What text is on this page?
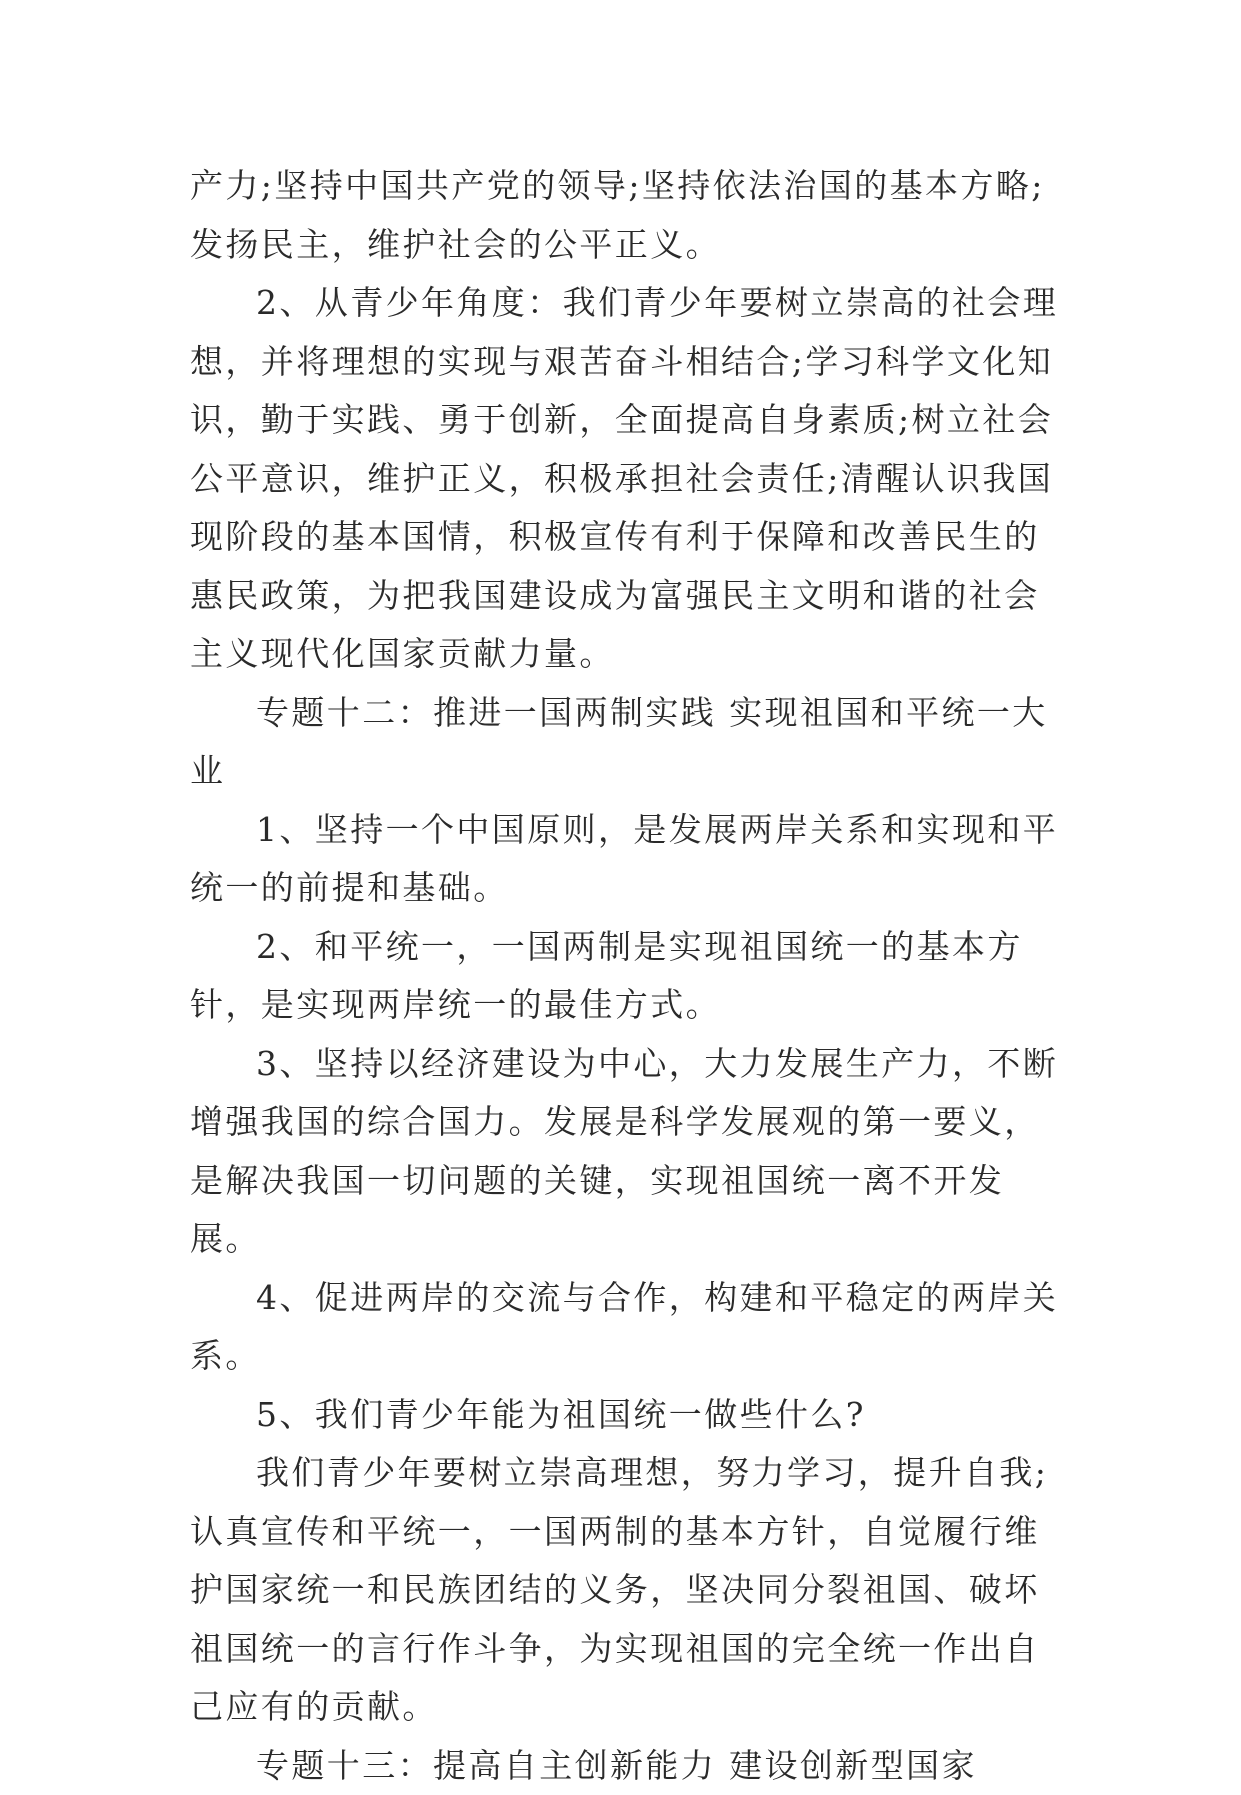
产力;坚持中国共产党的领导;坚持依法治国的基本方略;发扬民主，维护社会的公平正义。

2、从青少年角度：我们青少年要树立崇高的社会理想，并将理想的实现与艰苦奋斗相结合;学习科学文化知识，勤于实践、勇于创新，全面提高自身素质;树立社会公平意识，维护正义，积极承担社会责任;清醒认识我国现阶段的基本国情，积极宣传有利于保障和改善民生的惠民政策，为把我国建设成为富强民主文明和谐的社会主义现代化国家贡献力量。

专题十二：推进一国两制实践 实现祖国和平统一大业

1、坚持一个中国原则，是发展两岸关系和实现和平统一的前提和基础。

2、和平统一，一国两制是实现祖国统一的基本方针，是实现两岸统一的最佳方式。

3、坚持以经济建设为中心，大力发展生产力，不断增强我国的综合国力。发展是科学发展观的第一要义，是解决我国一切问题的关键，实现祖国统一离不开发展。

4、促进两岸的交流与合作，构建和平稳定的两岸关系。

5、我们青少年能为祖国统一做些什么?

我们青少年要树立崇高理想，努力学习，提升自我;认真宣传和平统一，一国两制的基本方针，自觉履行维护国家统一和民族团结的义务，坚决同分裂祖国、破坏祖国统一的言行作斗争，为实现祖国的完全统一作出自己应有的贡献。

专题十三：提高自主创新能力 建设创新型国家
